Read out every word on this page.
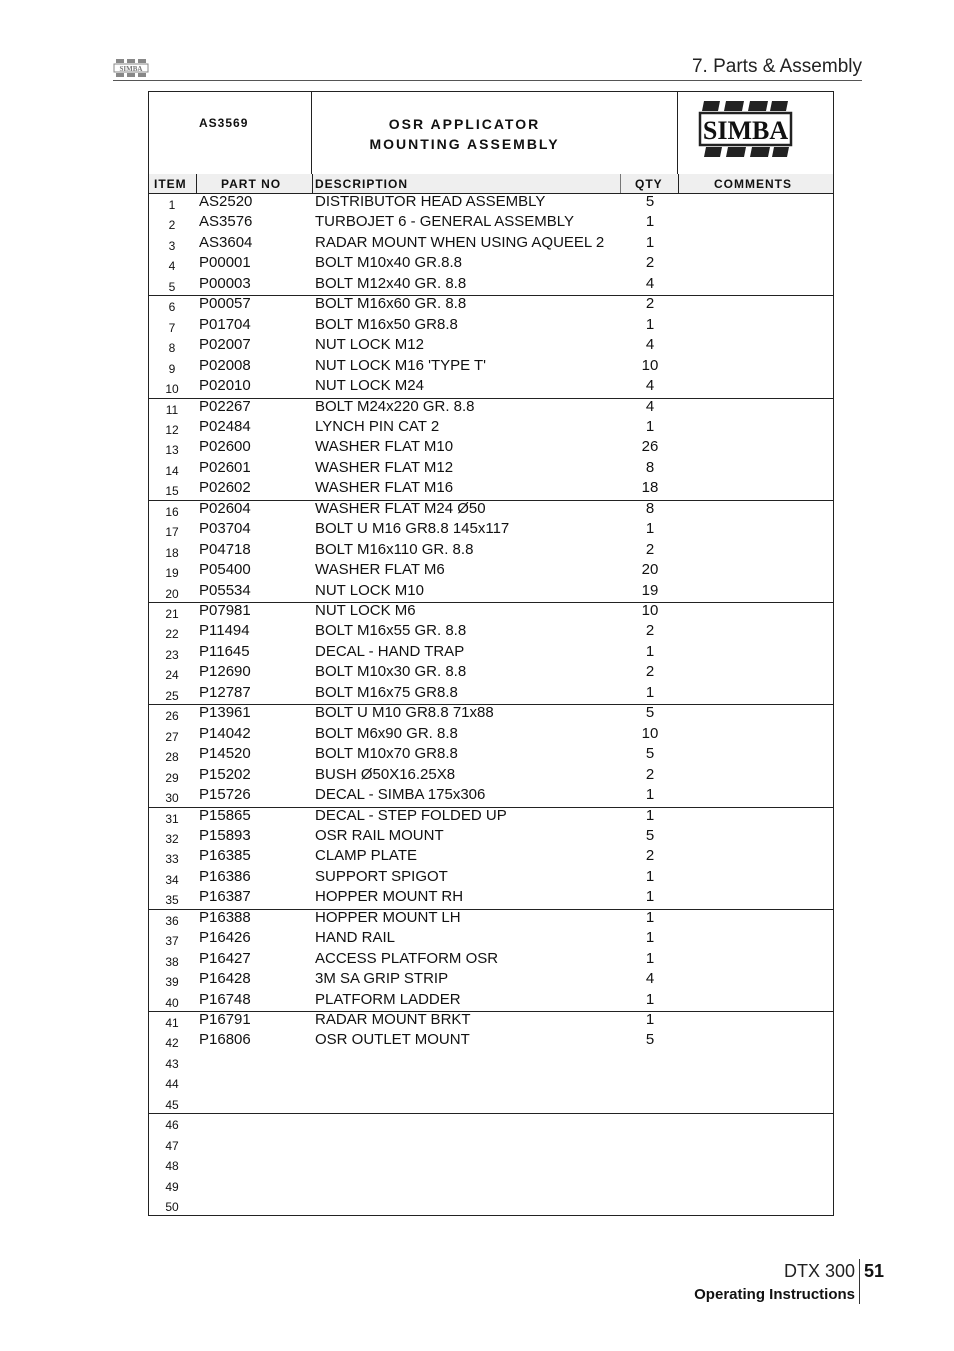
SIMBA	7. Parts & Assembly
AS3569	OSR APPLICATOR
MOUNTING ASSEMBLY	SIMBA
ITEM	PART NO	DESCRIPTION	QTY	COMMENTS
1	AS2520	DISTRIBUTOR HEAD ASSEMBLY	5
2	AS3576	TURBOJET 6 - GENERAL ASSEMBLY	1
3	AS3604	RADAR MOUNT WHEN USING AQUEEL 2	1
4	P00001	BOLT M10x40 GR.8.8	2
5	P00003	BOLT M12x40 GR. 8.8	4
6	P00057	BOLT M16x60 GR. 8.8	2
7	P01704	BOLT M16x50 GR8.8	1
8	P02007	NUT LOCK M12	4
9	P02008	NUT LOCK M16 'TYPE T'	10
10	P02010	NUT LOCK M24	4
11	P02267	BOLT M24x220 GR. 8.8	4
12	P02484	LYNCH PIN CAT 2	1
13	P02600	WASHER FLAT M10	26
14	P02601	WASHER FLAT M12	8
15	P02602	WASHER FLAT M16	18
16	P02604	WASHER FLAT M24 Ø50	8
17	P03704	BOLT U M16 GR8.8 145x117	1
18	P04718	BOLT M16x110 GR. 8.8	2
19	P05400	WASHER FLAT M6	20
20	P05534	NUT LOCK M10	19
21	P07981	NUT LOCK M6	10
22	P11494	BOLT M16x55 GR. 8.8	2
23	P11645	DECAL - HAND TRAP	1
24	P12690	BOLT M10x30 GR. 8.8	2
25	P12787	BOLT M16x75 GR8.8	1
26	P13961	BOLT U M10 GR8.8 71x88	5
27	P14042	BOLT M6x90 GR. 8.8	10
28	P14520	BOLT M10x70 GR8.8	5
29	P15202	BUSH Ø50X16.25X8	2
30	P15726	DECAL - SIMBA 175x306	1
31	P15865	DECAL - STEP FOLDED UP	1
32	P15893	OSR RAIL MOUNT	5
33	P16385	CLAMP PLATE	2
34	P16386	SUPPORT SPIGOT	1
35	P16387	HOPPER MOUNT RH	1
36	P16388	HOPPER MOUNT LH	1
37	P16426	HAND RAIL	1
38	P16427	ACCESS PLATFORM OSR	1
39	P16428	3M SA GRIP STRIP	4
40	P16748	PLATFORM LADDER	1
41	P16791	RADAR MOUNT BRKT	1
42	P16806	OSR OUTLET MOUNT	5
43
44
45
46
47
48
49
50
DTX 300 51
Operating Instructions
